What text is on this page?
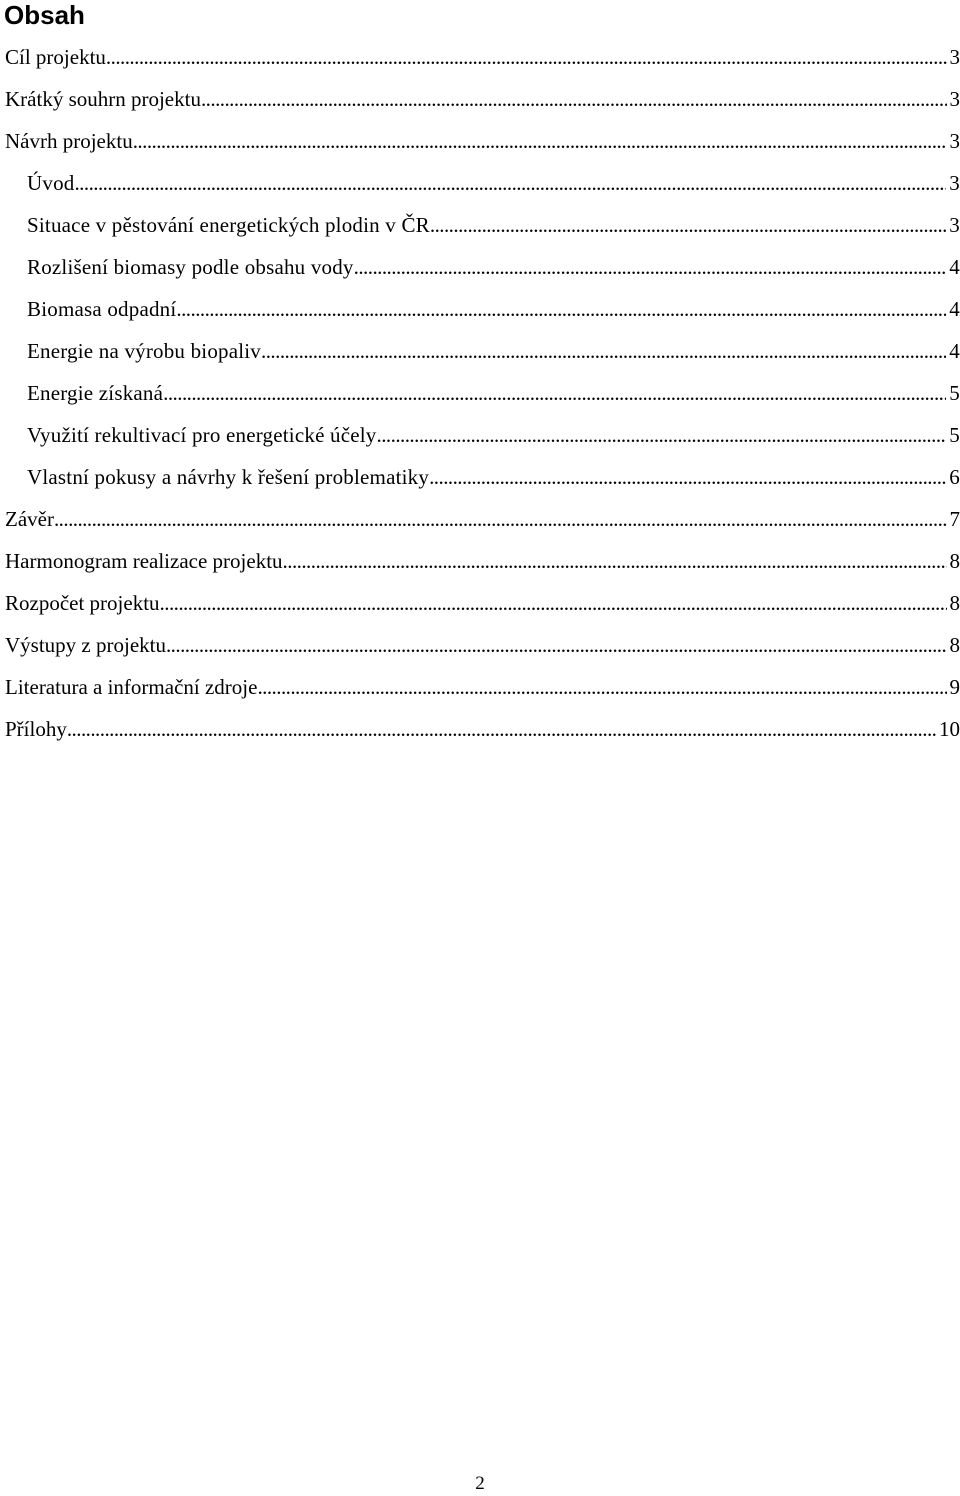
Obsah
Cíl projektu . . .	3
Krátký souhrn projektu . . .	3
Návrh projektu . . .	3
Úvod . . .	3
Situace v pěstování energetických plodin v ČR . . .	3
Rozlišení biomasy podle obsahu vody . . .	4
Biomasa odpadní . . .	4
Energie na výrobu biopaliv . . .	4
Energie získaná . . .	5
Využití rekultivací pro energetické účely . . .	5
Vlastní pokusy a návrhy k řešení problematiky . . .	6
Závěr . . .	7
Harmonogram realizace projektu . . .	8
Rozpočet projektu . . .	8
Výstupy z projektu . . .	8
Literatura a informační zdroje . . .	9
Přílohy . . .	10
2
